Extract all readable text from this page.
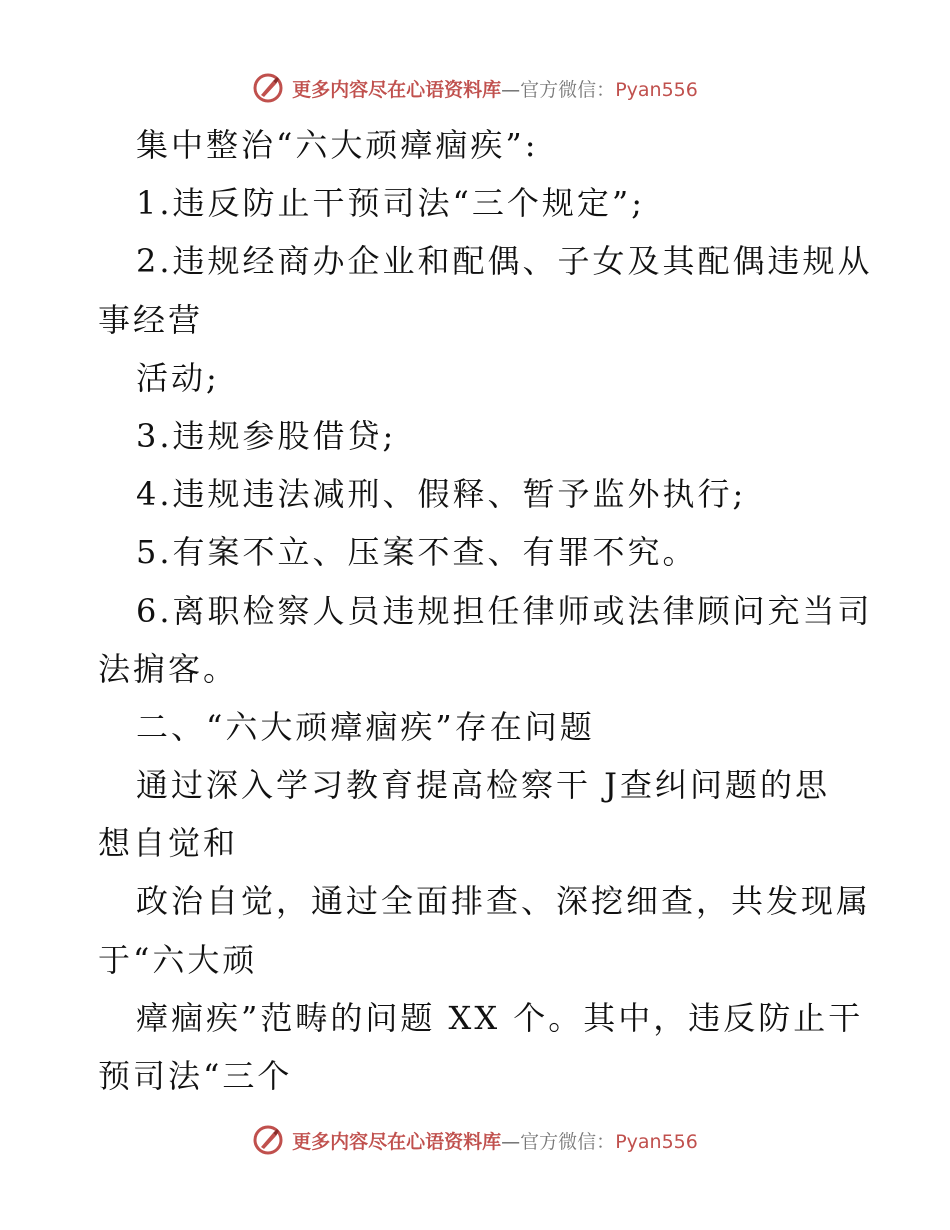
更多内容尽在心语资料库 — 官方微信： Pyan556
集中整治“六大顽瘴痼疾”:
1.违反防止干预司法“三个规定”;
2.违规经商办企业和配偶、子女及其配偶违规从
事经营
活动;
3.违规参股借贷;
4.违规违法减刑、假释、暂予监外执行;
5.有案不立、压案不查、有罪不究。
6.离职检察人员违规担任律师或法律顾问充当司
法掮客。
二、“六大顽瘴痼疾”存在问题
通过深入学习教育提高检察干 J查纠问题的思
想自觉和
政治自觉，通过全面排查、深挖细查，共发现属
于“六大顽
瘴痼疾”范畴的问题 XX 个。其中，违反防止干
预司法“三个
更多内容尽在心语资料库 — 官方微信： Pyan556
